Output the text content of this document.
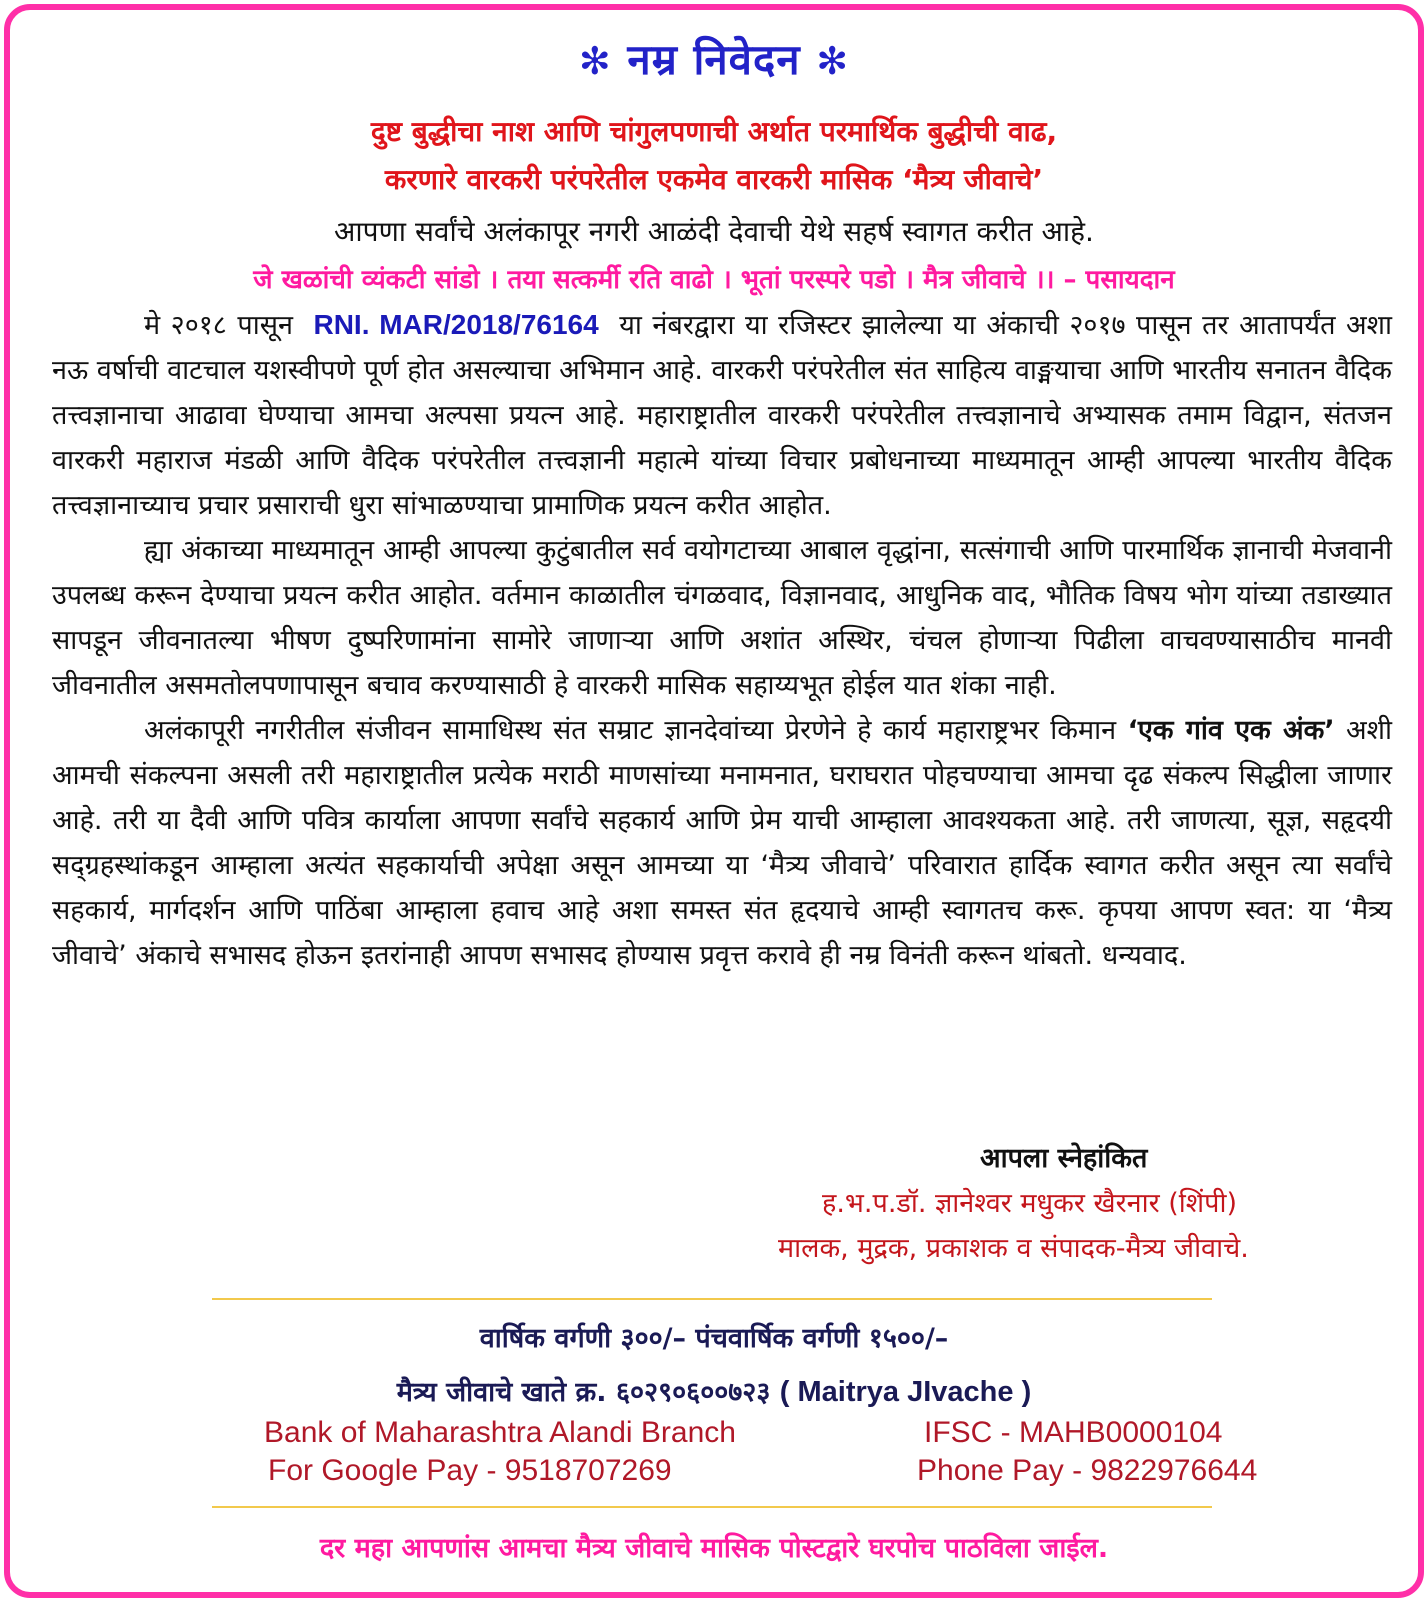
✻ नम्र निवेदन ✻
दुष्ट बुद्धीचा नाश आणि चांगुलपणाची अर्थात परमार्थिक बुद्धीची वाढ,
करणारे वारकरी परंपरेतील एकमेव वारकरी मासिक ‘मैत्र्य जीवाचे’
आपणा सर्वांचे अलंकापूर नगरी आळंदी देवाची येथे सहर्ष स्वागत करीत आहे.
जे खळांची व्यंकटी सांडो । तया सत्कर्मी रति वाढो । भूतां परस्परे पडो । मैत्र जीवाचे ।। – पसायदान

मे २०१८ पासून RNI. MAR/2018/76164 या नंबरद्वारा या रजिस्टर झालेल्या या अंकाची २०१७ पासून तर आतापर्यंत अशा नऊ वर्षाची वाटचाल यशस्वीपणे पूर्ण होत असल्याचा अभिमान आहे. वारकरी परंपरेतील संत साहित्य वाङ्मयाचा आणि भारतीय सनातन वैदिक तत्त्वज्ञानाचा आढावा घेण्याचा आमचा अल्पसा प्रयत्न आहे. महाराष्ट्रातील वारकरी परंपरेतील तत्त्वज्ञानाचे अभ्यासक तमाम विद्वान, संतजन वारकरी महाराज मंडळी आणि वैदिक परंपरेतील तत्त्वज्ञानी महात्मे यांच्या विचार प्रबोधनाच्या माध्यमातून आम्ही आपल्या भारतीय वैदिक तत्त्वज्ञानाच्याच प्रचार प्रसाराची धुरा सांभाळण्याचा प्रामाणिक प्रयत्न करीत आहोत.

ह्या अंकाच्या माध्यमातून आम्ही आपल्या कुटुंबातील सर्व वयोगटाच्या आबाल वृद्धांना, सत्संगाची आणि पारमार्थिक ज्ञानाची मेजवानी उपलब्ध करून देण्याचा प्रयत्न करीत आहोत. वर्तमान काळातील चंगळवाद, विज्ञानवाद, आधुनिक वाद, भौतिक विषय भोग यांच्या तडाख्यात सापडून जीवनातल्या भीषण दुष्परिणामांना सामोरे जाणाऱ्या आणि अशांत अस्थिर, चंचल होणाऱ्या पिढीला वाचवण्यासाठीच मानवी जीवनातील असमतोलपणापासून बचाव करण्यासाठी हे वारकरी मासिक सहाय्यभूत होईल यात शंका नाही.

अलंकापूरी नगरीतील संजीवन सामाधिस्थ संत सम्राट ज्ञानदेवांच्या प्रेरणेने हे कार्य महाराष्ट्रभर किमान ‘एक गांव एक अंक’ अशी आमची संकल्पना असली तरी महाराष्ट्रातील प्रत्येक मराठी माणसांच्या मनामनात, घराघरात पोहचण्याचा आमचा दृढ संकल्प सिद्धीला जाणार आहे. तरी या दैवी आणि पवित्र कार्याला आपणा सर्वांचे सहकार्य आणि प्रेम याची आम्हाला आवश्यकता आहे. तरी जाणत्या, सूज्ञ, सहृदयी सद्ग्रहस्थांकडून आम्हाला अत्यंत सहकार्याची अपेक्षा असून आमच्या या ‘मैत्र्य जीवाचे’ परिवारात हार्दिक स्वागत करीत असून त्या सर्वांचे सहकार्य, मार्गदर्शन आणि पाठिंबा आम्हाला हवाच आहे अशा समस्त संत हृदयाचे आम्ही स्वागतच करू. कृपया आपण स्वत: या ‘मैत्र्य जीवाचे’ अंकाचे सभासद होऊन इतरांनाही आपण सभासद होण्यास प्रवृत्त करावे ही नम्र विनंती करून थांबतो. धन्यवाद.

आपला स्नेहांकित
ह.भ.प.डॉ. ज्ञानेश्वर मधुकर खैरनार (शिंपी)
मालक, मुद्रक, प्रकाशक व संपादक-मैत्र्य जीवाचे.
वार्षिक वर्गणी ३००/– पंचवार्षिक वर्गणी १५००/–
मैत्र्य जीवाचे खाते क्र. ६०२९०६००७२३ ( Maitrya JIvache )
Bank of Maharashtra Alandi Branch	IFSC - MAHB0000104
For Google Pay - 9518707269	Phone Pay - 9822976644
दर महा आपणांस आमचा मैत्र्य जीवाचे मासिक पोस्टद्वारे घरपोच पाठविला जाईल.
